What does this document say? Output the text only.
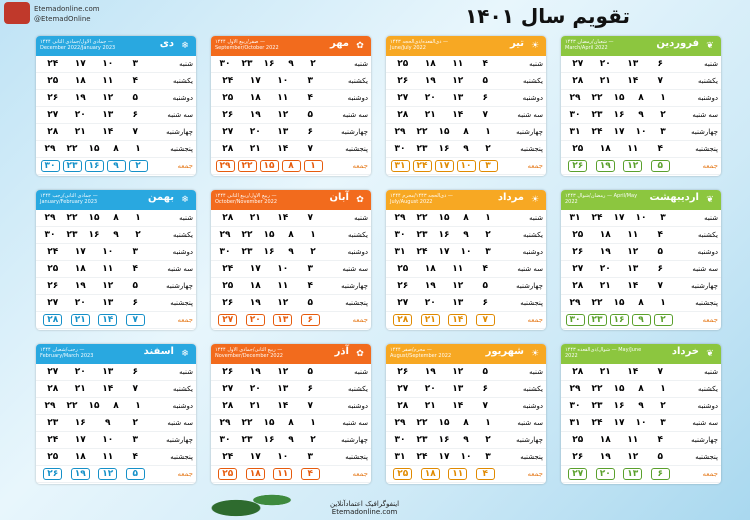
Etemadonline.com
@EtemadOnline	تقویم سال ۱۴۰۱
❦
فروردین
شعبان/رمضان ۱۴۴۳ — March/April 2022
شنبه
۶
۱۳
۲۰
۲۷
یکشنبه
۷
۱۴
۲۱
۲۸
دوشنبه
۱
۸
۱۵
۲۲
۲۹
سه شنبه
۲
۹
۱۶
۲۳
۳۰
چهارشنبه
۳
۱۰
۱۷
۲۴
۳۱
پنجشنبه
۴
۱۱
۱۸
۲۵
جمعه
۵
۱۲
۱۹
۲۶
☀
تیر
ذی‌القعده/ذی‌الحجه ۱۴۴۳ — June/July 2022
شنبه
۴
۱۱
۱۸
۲۵
یکشنبه
۵
۱۲
۱۹
۲۶
دوشنبه
۶
۱۳
۲۰
۲۷
سه شنبه
۷
۱۴
۲۱
۲۸
چهارشنبه
۱
۸
۱۵
۲۲
۲۹
پنجشنبه
۲
۹
۱۶
۲۳
۳۰
جمعه
۳
۱۰
۱۷
۲۴
۳۱
✿
مهر
صفر/ربیع الاول ۱۴۴۴ — September/October 2022
شنبه
۲
۹
۱۶
۲۳
۳۰
یکشنبه
۳
۱۰
۱۷
۲۴
دوشنبه
۴
۱۱
۱۸
۲۵
سه شنبه
۵
۱۲
۱۹
۲۶
چهارشنبه
۶
۱۳
۲۰
۲۷
پنجشنبه
۷
۱۴
۲۱
۲۸
جمعه
۱
۸
۱۵
۲۲
۲۹
❄
دی
جمادی الاول/جمادی الثانی ۱۴۴۴ — December 2022/January 2023
شنبه
۳
۱۰
۱۷
۲۴
یکشنبه
۴
۱۱
۱۸
۲۵
دوشنبه
۵
۱۲
۱۹
۲۶
سه شنبه
۶
۱۳
۲۰
۲۷
چهارشنبه
۷
۱۴
۲۱
۲۸
پنجشنبه
۱
۸
۱۵
۲۲
۲۹
جمعه
۲
۹
۱۶
۲۳
۳۰
❦
اردیبهشت
رمضان/شوال ۱۴۴۳ — April/May 2022
شنبه
۳
۱۰
۱۷
۲۴
۳۱
یکشنبه
۴
۱۱
۱۸
۲۵
دوشنبه
۵
۱۲
۱۹
۲۶
سه شنبه
۶
۱۳
۲۰
۲۷
چهارشنبه
۷
۱۴
۲۱
۲۸
پنجشنبه
۱
۸
۱۵
۲۲
۲۹
جمعه
۲
۹
۱۶
۲۳
۳۰
☀
مرداد
ذی‌الحجه ۱۴۴۳/محرم ۱۴۴۴ — July/August 2022
شنبه
۱
۸
۱۵
۲۲
۲۹
یکشنبه
۲
۹
۱۶
۲۳
۳۰
دوشنبه
۳
۱۰
۱۷
۲۴
۳۱
سه شنبه
۴
۱۱
۱۸
۲۵
چهارشنبه
۵
۱۲
۱۹
۲۶
پنجشنبه
۶
۱۳
۲۰
۲۷
جمعه
۷
۱۴
۲۱
۲۸
✿
آبان
ربیع الاول/ربیع الثانی ۱۴۴۴ — October/November 2022
شنبه
۷
۱۴
۲۱
۲۸
یکشنبه
۱
۸
۱۵
۲۲
۲۹
دوشنبه
۲
۹
۱۶
۲۳
۳۰
سه شنبه
۳
۱۰
۱۷
۲۴
چهارشنبه
۴
۱۱
۱۸
۲۵
پنجشنبه
۵
۱۲
۱۹
۲۶
جمعه
۶
۱۳
۲۰
۲۷
❄
بهمن
جمادی الثانی/رجب ۱۴۴۴ — January/February 2023
شنبه
۱
۸
۱۵
۲۲
۲۹
یکشنبه
۲
۹
۱۶
۲۳
۳۰
دوشنبه
۳
۱۰
۱۷
۲۴
سه شنبه
۴
۱۱
۱۸
۲۵
چهارشنبه
۵
۱۲
۱۹
۲۶
پنجشنبه
۶
۱۳
۲۰
۲۷
جمعه
۷
۱۴
۲۱
۲۸
❦
خرداد
شوال/ذی‌القعده ۱۴۴۳ — May/June 2022
شنبه
۷
۱۴
۲۱
۲۸
یکشنبه
۱
۸
۱۵
۲۲
۲۹
دوشنبه
۲
۹
۱۶
۲۳
۳۰
سه شنبه
۳
۱۰
۱۷
۲۴
۳۱
چهارشنبه
۴
۱۱
۱۸
۲۵
پنجشنبه
۵
۱۲
۱۹
۲۶
جمعه
۶
۱۳
۲۰
۲۷
☀
شهریور
محرم/صفر ۱۴۴۴ — August/September 2022
شنبه
۵
۱۲
۱۹
۲۶
یکشنبه
۶
۱۳
۲۰
۲۷
دوشنبه
۷
۱۴
۲۱
۲۸
سه شنبه
۱
۸
۱۵
۲۲
۲۹
چهارشنبه
۲
۹
۱۶
۲۳
۳۰
پنجشنبه
۳
۱۰
۱۷
۲۴
۳۱
جمعه
۴
۱۱
۱۸
۲۵
✿
آذر
ربیع الثانی/جمادی الاول ۱۴۴۴ — November/December 2022
شنبه
۵
۱۲
۱۹
۲۶
یکشنبه
۶
۱۳
۲۰
۲۷
دوشنبه
۷
۱۴
۲۱
۲۸
سه شنبه
۱
۸
۱۵
۲۲
۲۹
چهارشنبه
۲
۹
۱۶
۲۳
۳۰
پنجشنبه
۳
۱۰
۱۷
۲۴
جمعه
۴
۱۱
۱۸
۲۵
❄
اسفند
رجب/شعبان ۱۴۴۴ — February/March 2023
شنبه
۶
۱۳
۲۰
۲۷
یکشنبه
۷
۱۴
۲۱
۲۸
دوشنبه
۱
۸
۱۵
۲۲
۲۹
سه شنبه
۲
۹
۱۶
۲۳
چهارشنبه
۳
۱۰
۱۷
۲۴
پنجشنبه
۴
۱۱
۱۸
۲۵
جمعه
۵
۱۲
۱۹
۲۶
اینفوگرافیک اعتمادآنلاین
Etemadonline.com
